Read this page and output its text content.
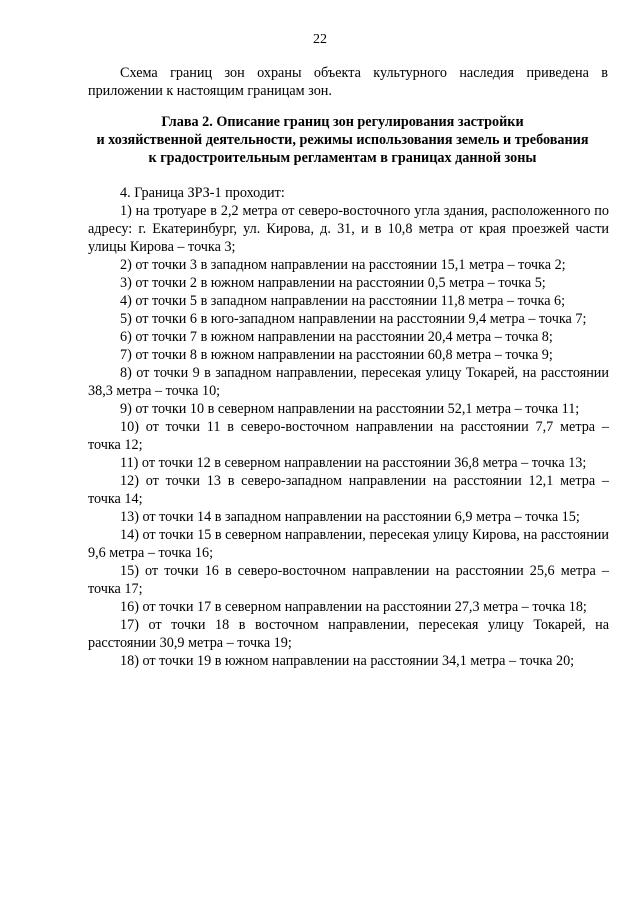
22

Схема границ зон охраны объекта культурного наследия приведена в приложении к настоящим границам зон.

Глава 2. Описание границ зон регулирования застройки
и хозяйственной деятельности, режимы использования земель и требования
к градостроительным регламентам в границах данной зоны

4. Граница ЗРЗ-1 проходит:

1) на тротуаре в 2,2 метра от северо-восточного угла здания, расположенного по адресу: г. Екатеринбург, ул. Кирова, д. 31, и в 10,8 метра от края проезжей части улицы Кирова – точка 3;

2) от точки 3 в западном направлении на расстоянии 15,1 метра – точка 2;

3) от точки 2 в южном направлении на расстоянии 0,5 метра – точка 5;

4) от точки 5 в западном направлении на расстоянии 11,8 метра – точка 6;

5) от точки 6 в юго-западном направлении на расстоянии 9,4 метра – точка 7;

6) от точки 7 в южном направлении на расстоянии 20,4 метра – точка 8;

7) от точки 8 в южном направлении на расстоянии 60,8 метра – точка 9;

8) от точки 9 в западном направлении, пересекая улицу Токарей, на расстоянии 38,3 метра – точка 10;

9) от точки 10 в северном направлении на расстоянии 52,1 метра – точка 11;

10) от точки 11 в северо-восточном направлении на расстоянии 7,7 метра – точка 12;

11) от точки 12 в северном направлении на расстоянии 36,8 метра – точка 13;

12) от точки 13 в северо-западном направлении на расстоянии 12,1 метра – точка 14;

13) от точки 14 в западном направлении на расстоянии 6,9 метра – точка 15;

14) от точки 15 в северном направлении, пересекая улицу Кирова, на расстоянии 9,6 метра – точка 16;

15) от точки 16 в северо-восточном направлении на расстоянии 25,6 метра – точка 17;

16) от точки 17 в северном направлении на расстоянии 27,3 метра – точка 18;

17) от точки 18 в восточном направлении, пересекая улицу Токарей, на расстоянии 30,9 метра – точка 19;

18) от точки 19 в южном направлении на расстоянии 34,1 метра – точка 20;
